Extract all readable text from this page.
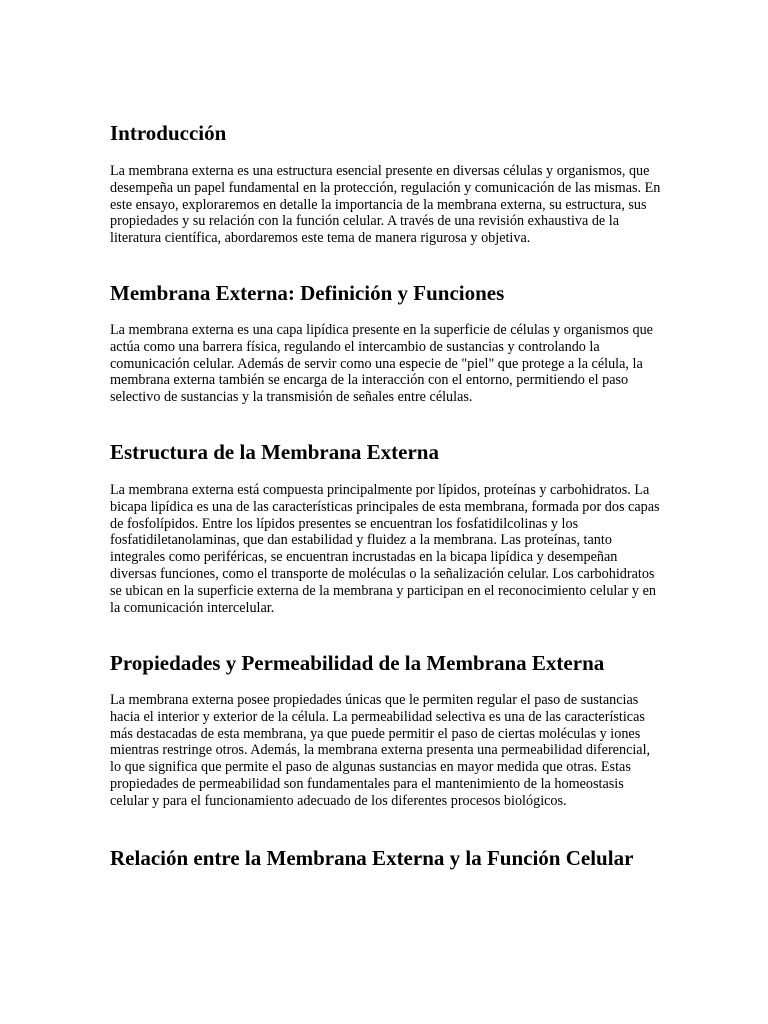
Introducción

La membrana externa es una estructura esencial presente en diversas células y organismos, que desempeña un papel fundamental en la protección, regulación y comunicación de las mismas. En este ensayo, exploraremos en detalle la importancia de la membrana externa, su estructura, sus propiedades y su relación con la función celular. A través de una revisión exhaustiva de la literatura científica, abordaremos este tema de manera rigurosa y objetiva.

Membrana Externa: Definición y Funciones

La membrana externa es una capa lipídica presente en la superficie de células y organismos que actúa como una barrera física, regulando el intercambio de sustancias y controlando la comunicación celular. Además de servir como una especie de "piel" que protege a la célula, la membrana externa también se encarga de la interacción con el entorno, permitiendo el paso selectivo de sustancias y la transmisión de señales entre células.

Estructura de la Membrana Externa

La membrana externa está compuesta principalmente por lípidos, proteínas y carbohidratos. La bicapa lipídica es una de las características principales de esta membrana, formada por dos capas de fosfolípidos. Entre los lípidos presentes se encuentran los fosfatidilcolinas y los fosfatidiletanolaminas, que dan estabilidad y fluidez a la membrana. Las proteínas, tanto integrales como periféricas, se encuentran incrustadas en la bicapa lipídica y desempeñan diversas funciones, como el transporte de moléculas o la señalización celular. Los carbohidratos se ubican en la superficie externa de la membrana y participan en el reconocimiento celular y en la comunicación intercelular.

Propiedades y Permeabilidad de la Membrana Externa

La membrana externa posee propiedades únicas que le permiten regular el paso de sustancias hacia el interior y exterior de la célula. La permeabilidad selectiva es una de las características más destacadas de esta membrana, ya que puede permitir el paso de ciertas moléculas y iones mientras restringe otros. Además, la membrana externa presenta una permeabilidad diferencial, lo que significa que permite el paso de algunas sustancias en mayor medida que otras. Estas propiedades de permeabilidad son fundamentales para el mantenimiento de la homeostasis celular y para el funcionamiento adecuado de los diferentes procesos biológicos.

Relación entre la Membrana Externa y la Función Celular
